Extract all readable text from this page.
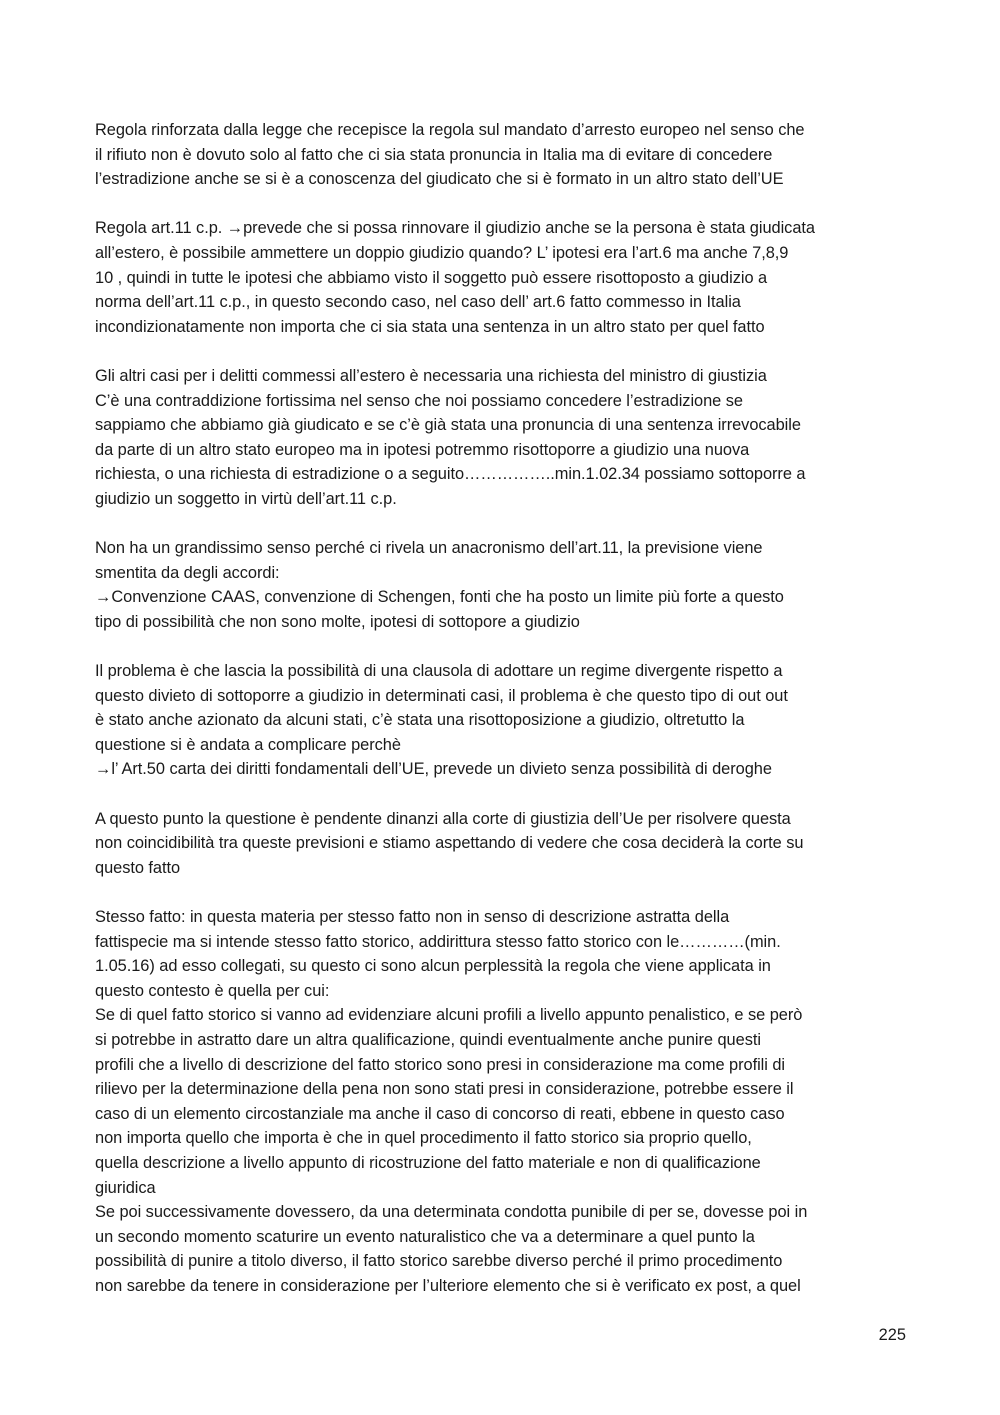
Regola rinforzata dalla legge che recepisce la regola sul mandato d’arresto europeo nel senso che
il rifiuto non è dovuto solo al fatto che ci sia stata pronuncia in Italia ma di evitare di concedere
l’estradizione anche se si è a conoscenza del giudicato che si è formato in un altro stato dell’UE

Regola art.11 c.p. →prevede che si possa rinnovare il giudizio anche se la persona è stata giudicata
all’estero, è possibile ammettere un doppio giudizio quando? L’ ipotesi era l’art.6 ma anche 7,8,9
10 , quindi in tutte le ipotesi che abbiamo visto il soggetto può essere risottoposto a giudizio a
norma dell’art.11 c.p., in questo secondo caso, nel caso dell’ art.6 fatto commesso in Italia
incondizionatamente non importa che ci sia stata una sentenza in un altro stato per quel fatto

Gli altri casi per i delitti commessi all’estero è necessaria una richiesta del ministro di giustizia
C’è una contraddizione fortissima nel senso che noi possiamo concedere l’estradizione se
sappiamo che abbiamo già giudicato e se c’è già stata una pronuncia di una sentenza irrevocabile
da parte di un altro stato europeo ma in ipotesi potremmo risottoporre a giudizio una nuova
richiesta, o una richiesta di estradizione o a seguito……………..min.1.02.34 possiamo sottoporre a
giudizio un soggetto in virtù dell’art.11 c.p.

Non ha un grandissimo senso perché ci rivela un anacronismo dell’art.11, la previsione viene
smentita da degli accordi:
→Convenzione CAAS, convenzione di Schengen, fonti che ha posto un limite più forte a questo
tipo di possibilità che non sono molte, ipotesi di sottopore a giudizio

Il problema è che lascia la possibilità di una clausola di adottare un regime divergente rispetto a
questo divieto di sottoporre a giudizio in determinati casi, il problema è che questo tipo di out out
è stato anche azionato da alcuni stati, c’è stata una risottoposizione a giudizio, oltretutto la
questione si è andata a complicare perchè
→l’ Art.50 carta dei diritti fondamentali dell’UE, prevede un divieto senza possibilità di deroghe

A questo punto la questione è pendente dinanzi alla corte di giustizia dell’Ue per risolvere questa
non coincidibilità tra queste previsioni e stiamo aspettando di vedere che cosa deciderà la corte su
questo fatto

Stesso fatto: in questa materia per stesso fatto non in senso di descrizione astratta della
fattispecie ma si intende stesso fatto storico, addirittura stesso fatto storico con le…………(min.
1.05.16) ad esso collegati, su questo ci sono alcun perplessità la regola che viene applicata in
questo contesto è quella per cui:
Se di quel fatto storico si vanno ad evidenziare alcuni profili a livello appunto penalistico, e se però
si potrebbe in astratto dare un altra qualificazione, quindi eventualmente anche punire questi
profili che a livello di descrizione del fatto storico sono presi in considerazione ma come profili di
rilievo per la determinazione della pena non sono stati presi in considerazione, potrebbe essere il
caso di un elemento circostanziale ma anche il caso di concorso di reati, ebbene in questo caso
non importa quello che importa è che in quel procedimento il fatto storico sia proprio quello,
quella descrizione a livello appunto di ricostruzione del fatto materiale e non di qualificazione
giuridica
Se poi successivamente dovessero, da una determinata condotta punibile di per se, dovesse poi in
un secondo momento scaturire un evento naturalistico che va a determinare a quel punto la
possibilità di punire a titolo diverso, il fatto storico sarebbe diverso perché il primo procedimento
non sarebbe da tenere in considerazione per l’ulteriore elemento che si è verificato ex post, a quel

225
